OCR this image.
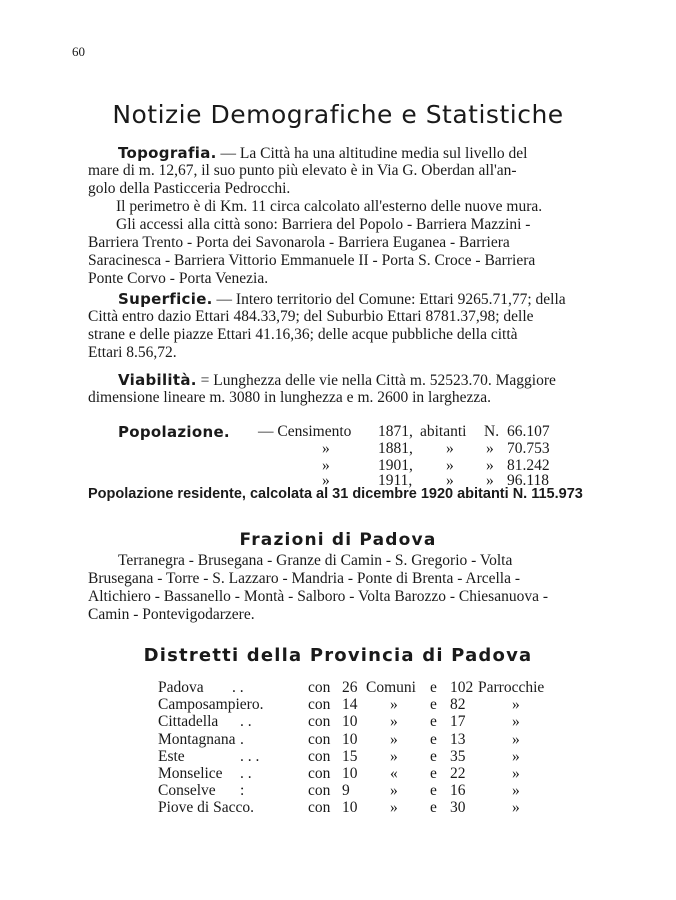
60
Notizie Demografiche e Statistiche
Topografia. — La Città ha una altitudine media sul livello del
mare di m. 12,67, il suo punto più elevato è in Via G. Oberdan all'an-
golo della Pasticceria Pedrocchi.
Il perimetro è di Km. 11 circa calcolato all'esterno delle nuove mura.
Gli accessi alla città sono: Barriera del Popolo - Barriera Mazzini -
Barriera Trento - Porta dei Savonarola - Barriera Euganea - Barriera
Saracinesca - Barriera Vittorio Emmanuele II - Porta S. Croce - Barriera
Ponte Corvo - Porta Venezia.
Superficie. — Intero territorio del Comune: Ettari 9265.71,77; della
Città entro dazio Ettari 484.33,79; del Suburbio Ettari 8781.37,98; delle
strane e delle piazze Ettari 41.16,36; delle acque pubbliche della città
Ettari 8.56,72.
Viabilità. = Lunghezza delle vie nella Città m. 52523.70. Maggiore
dimensione lineare m. 3080 in lunghezza e m. 2600 in larghezza.
Popolazione. — Censimento 1871, abitanti N. 66.107
»	1881, » » 70.753
»	1901, » » 81.242
»	1911, » » 96.118
Popolazione residente, calcolata al 31 dicembre 1920 abitanti N. 115.973
Frazioni di Padova
Terranegra - Brusegana - Granze di Camin - S. Gregorio - Volta
Brusegana - Torre - S. Lazzaro - Mandria - Ponte di Brenta - Arcella -
Altichiero - Bassanello - Montà - Salboro - Volta Barozzo - Chiesanuova -
Camin - Pontevigodarzere.
Distretti della Provincia di Padova
Padova . .	con 26 Comuni e 102 Parrocchie
Camposampiero.	con 14 » e 82	»
Cittadella . .	con 10 » e 17	»
Montagnana .	con 10 » e 13	»
Este	. . .	con 15 » e 35	»
Monselice . .	con 10 « e 22	»
Conselve :	con 9	» e 16	»
Piove di Sacco.	con 10 » e 30	»
